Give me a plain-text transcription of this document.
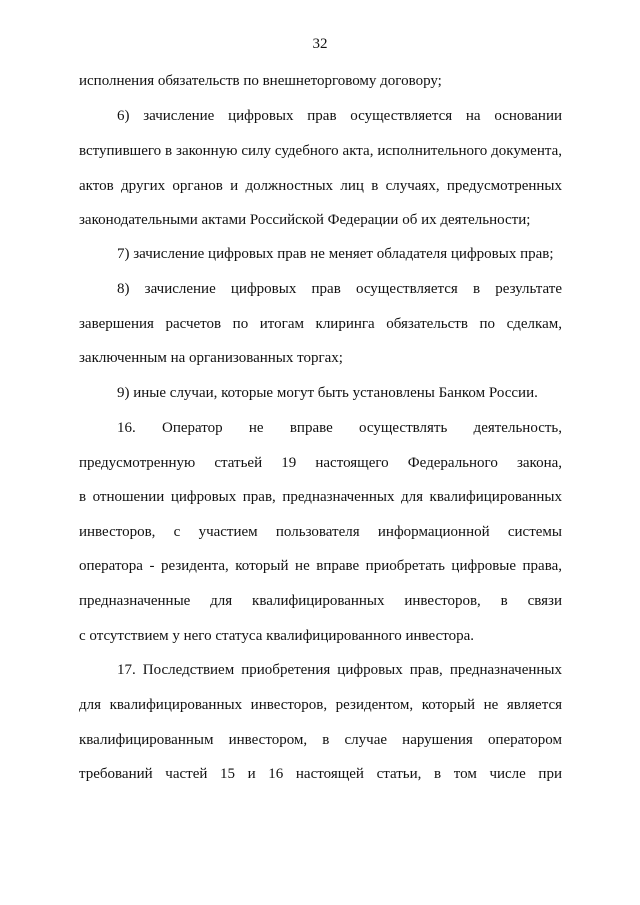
32
исполнения обязательств по внешнеторговому договору;
6) зачисление цифровых прав осуществляется на основании
вступившего в законную силу судебного акта, исполнительного документа,
актов других органов и должностных лиц в случаях, предусмотренных
законодательными актами Российской Федерации об их деятельности;
7) зачисление цифровых прав не меняет обладателя цифровых прав;
8) зачисление цифровых прав осуществляется в результате
завершения расчетов по итогам клиринга обязательств по сделкам,
заключенным на организованных торгах;
9) иные случаи, которые могут быть установлены Банком России.
16. Оператор не вправе осуществлять деятельность,
предусмотренную статьей 19 настоящего Федерального закона,
в отношении цифровых прав, предназначенных для квалифицированных
инвесторов, с участием пользователя информационной системы
оператора - резидента, который не вправе приобретать цифровые права,
предназначенные для квалифицированных инвесторов, в связи
с отсутствием у него статуса квалифицированного инвестора.
17. Последствием приобретения цифровых прав, предназначенных
для квалифицированных инвесторов, резидентом, который не является
квалифицированным инвестором, в случае нарушения оператором
требований частей 15 и 16 настоящей статьи, в том числе при
